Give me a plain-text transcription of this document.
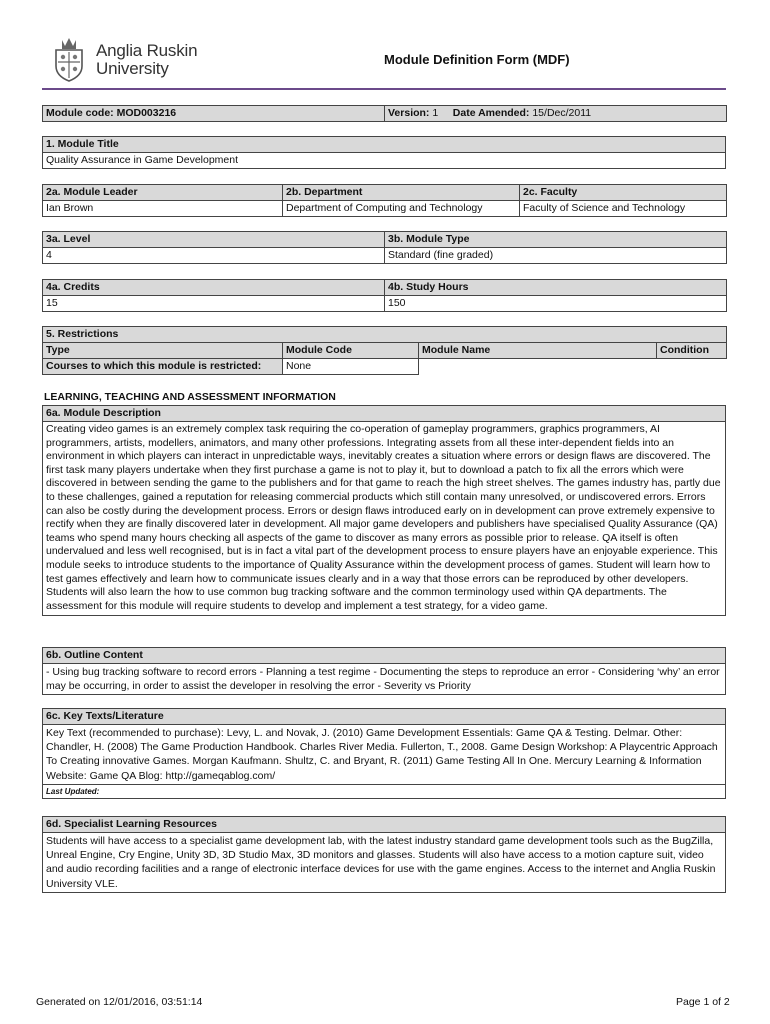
Anglia Ruskin
University	Module Definition Form (MDF)
Module code: MOD003216	Version: 1 Date Amended: 15/Dec/2011
1. Module Title
Quality Assurance in Game Development
2a. Module Leader	2b. Department	2c. Faculty
Ian Brown	Department of Computing and Technology	Faculty of Science and Technology
3a. Level	3b. Module Type
4	Standard (fine graded)
4a. Credits	4b. Study Hours
15	150
5. Restrictions			
Type	Module Code	Module Name	Condition
Courses to which this module is restricted:	None		
LEARNING, TEACHING AND ASSESSMENT INFORMATION
6a. Module Description
Creating video games is an extremely complex task requiring the co-operation of gameplay programmers, graphics programmers, AI programmers, artists, modellers, animators, and many other professions. Integrating assets from all these inter-dependent fields into an environment in which players can interact in unpredictable ways, inevitably creates a situation where errors or design flaws are discovered. The first task many players undertake when they first purchase a game is not to play it, but to download a patch to fix all the errors which were discovered in between sending the game to the publishers and for that game to reach the high street shelves. The games industry has, partly due to these challenges, gained a reputation for releasing commercial products which still contain many unresolved, or undiscovered errors. Errors can also be costly during the development process. Errors or design flaws introduced early on in development can prove extremely expensive to rectify when they are finally discovered later in development. All major game developers and publishers have specialised Quality Assurance (QA) teams who spend many hours checking all aspects of the game to discover as many errors as possible prior to release. QA itself is often undervalued and less well recognised, but is in fact a vital part of the development process to ensure players have an enjoyable experience. This module seeks to introduce students to the importance of Quality Assurance within the development process of games. Student will learn how to test games effectively and learn how to communicate issues clearly and in a way that those errors can be reproduced by other developers. Students will also learn the how to use common bug tracking software and the common terminology used within QA departments. The assessment for this module will require students to develop and implement a test strategy, for a video game.
6b. Outline Content
- Using bug tracking software to record errors - Planning a test regime - Documenting the steps to reproduce an error - Considering ‘why’ an error may be occurring, in order to assist the developer in resolving the error - Severity vs Priority
6c. Key Texts/Literature
Key Text (recommended to purchase): Levy, L. and Novak, J. (2010) Game Development Essentials: Game QA & Testing. Delmar. Other: Chandler, H. (2008) The Game Production Handbook. Charles River Media. Fullerton, T., 2008. Game Design Workshop: A Playcentric Approach To Creating innovative Games. Morgan Kaufmann. Shultz, C. and Bryant, R. (2011) Game Testing All In One. Mercury Learning & Information Website: Game QA Blog: http://gameqablog.com/
Last Updated:
6d. Specialist Learning Resources
Students will have access to a specialist game development lab, with the latest industry standard game development tools such as the BugZilla, Unreal Engine, Cry Engine, Unity 3D, 3D Studio Max, 3D monitors and glasses. Students will also have access to a motion capture suit, video and audio recording facilities and a range of electronic interface devices for use with the game engines. Access to the internet and Anglia Ruskin University VLE.
Generated on 12/01/2016, 03:51:14	Page 1 of 2
